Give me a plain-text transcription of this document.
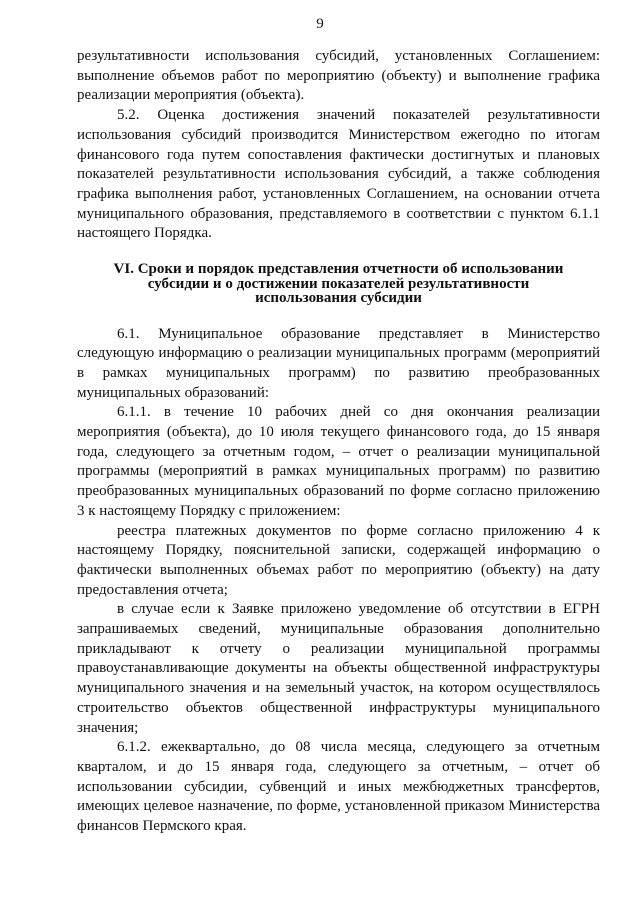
9

результативности использования субсидий, установленных Соглашением: выполнение объемов работ по мероприятию (объекту) и выполнение графика реализации мероприятия (объекта).

5.2. Оценка достижения значений показателей результативности использования субсидий производится Министерством ежегодно по итогам финансового года путем сопоставления фактически достигнутых и плановых показателей результативности использования субсидий, а также соблюдения графика выполнения работ, установленных Соглашением, на основании отчета муниципального образования, представляемого в соответствии с пунктом 6.1.1 настоящего Порядка.

VI. Сроки и порядок представления отчетности об использовании
субсидии и о достижении показателей результативности
использования субсидии

6.1. Муниципальное образование представляет в Министерство следующую информацию о реализации муниципальных программ (мероприятий в рамках муниципальных программ) по развитию преобразованных муниципальных образований:

6.1.1. в течение 10 рабочих дней со дня окончания реализации мероприятия (объекта), до 10 июля текущего финансового года, до 15 января года, следующего за отчетным годом, – отчет о реализации муниципальной программы (мероприятий в рамках муниципальных программ) по развитию преобразованных муниципальных образований по форме согласно приложению 3 к настоящему Порядку с приложением:

реестра платежных документов по форме согласно приложению 4 к настоящему Порядку, пояснительной записки, содержащей информацию о фактически выполненных объемах работ по мероприятию (объекту) на дату предоставления отчета;

в случае если к Заявке приложено уведомление об отсутствии в ЕГРН запрашиваемых сведений, муниципальные образования дополнительно прикладывают к отчету о реализации муниципальной программы правоустанавливающие документы на объекты общественной инфраструктуры муниципального значения и на земельный участок, на котором осуществлялось строительство объектов общественной инфраструктуры муниципального значения;

6.1.2. ежеквартально, до 08 числа месяца, следующего за отчетным кварталом, и до 15 января года, следующего за отчетным, – отчет об использовании субсидии, субвенций и иных межбюджетных трансфертов, имеющих целевое назначение, по форме, установленной приказом Министерства финансов Пермского края.
